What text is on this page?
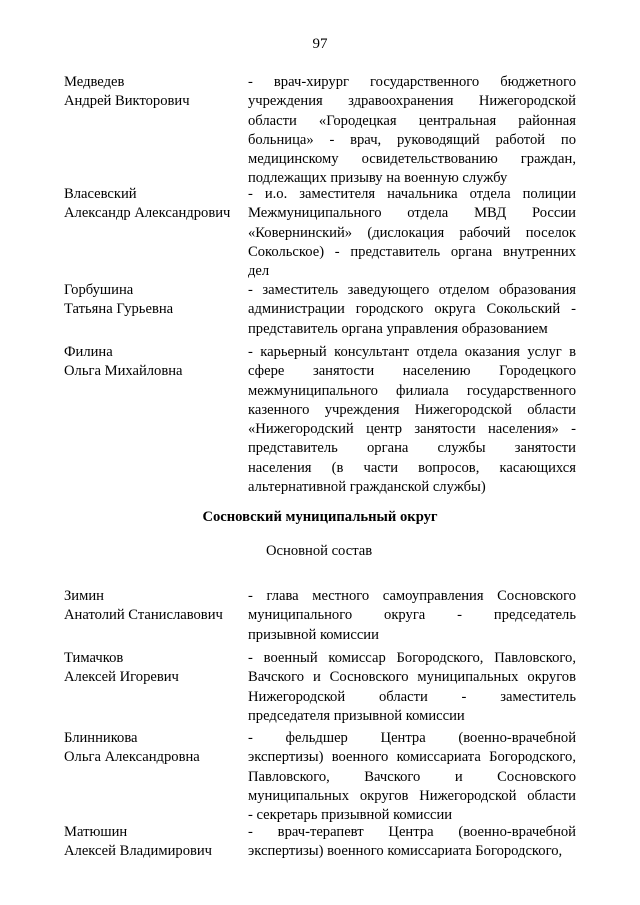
97
Медведев
Андрей Викторович
- врач-хирург государственного бюджетного
учреждения здравоохранения Нижегородской
области «Городецкая центральная районная
больница» - врач, руководящий работой по
медицинскому освидетельствованию граждан,
подлежащих призыву на военную службу
Власевский
Александр Александрович
- и.о. заместителя начальника отдела полиции
Межмуниципального отдела МВД России
«Ковернинский» (дислокация рабочий поселок
Сокольское) - представитель органа внутренних
дел
Горбушина
Татьяна Гурьевна
- заместитель заведующего отделом образования
администрации городского округа Сокольский -
представитель органа управления образованием
Филина
Ольга Михайловна
- карьерный консультант отдела оказания услуг в
сфере занятости населению Городецкого
межмуниципального филиала государственного
казенного учреждения Нижегородской области
«Нижегородский центр занятости населения» -
представитель органа службы занятости
населения (в части вопросов, касающихся
альтернативной гражданской службы)
Сосновский муниципальный округ
Основной состав
Зимин
Анатолий Станиславович
- глава местного самоуправления Сосновского
муниципального округа - председатель
призывной комиссии
Тимачков
Алексей Игоревич
- военный комиссар Богородского, Павловского,
Вачского и Сосновского муниципальных округов
Нижегородской области - заместитель
председателя призывной комиссии
Блинникова
Ольга Александровна
- фельдшер Центра (военно-врачебной
экспертизы) военного комиссариата Богородского,
Павловского, Вачского и Сосновского
муниципальных округов Нижегородской области
- секретарь призывной комиссии
Матюшин
Алексей Владимирович
- врач-терапевт Центра (военно-врачебной
экспертизы) военного комиссариата Богородского,
